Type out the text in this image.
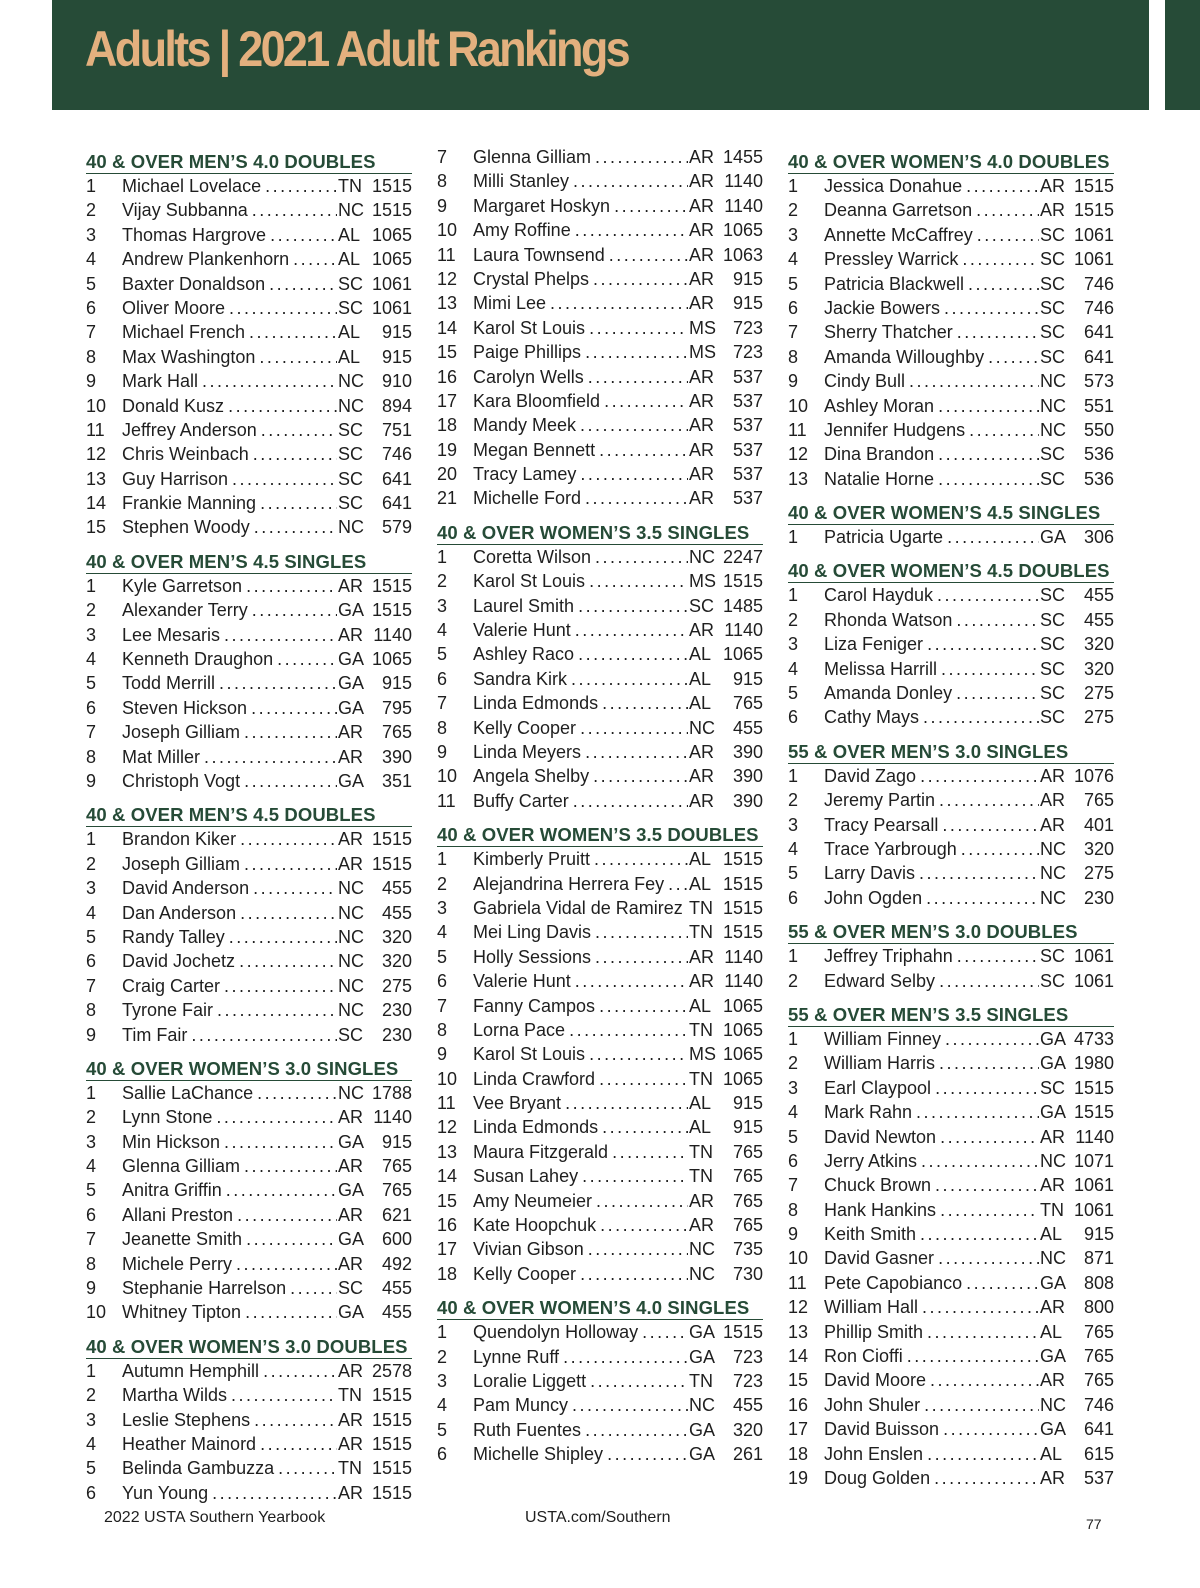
Adults | 2021 Adult Rankings
40 & OVER MEN’S 4.0 DOUBLES
1	Michael Lovelace .....	TN 1515
2	Vijay Subbanna .....	NC 1515
3	Thomas Hargrove .....	AL 1065
4	Andrew Plankenhorn .....	AL 1065
5	Baxter Donaldson .....	SC 1061
6	Oliver Moore .....	SC 1061
7	Michael French .....	AL	915
8	Max Washington .....	AL	915
9	Mark Hall .....	NC 910
10 Donald Kusz .....	NC 894
11 Jeffrey Anderson .....	SC	751
12 Chris Weinbach .....	SC	746
13 Guy Harrison .....	SC	641
14 Frankie Manning .....	SC	641
15 Stephen Woody .....	NC 579
40 & OVER MEN’S 4.5 SINGLES
1	Kyle Garretson .....	AR 1515
2	Alexander Terry .....	GA 1515
3	Lee Mesaris .....	AR 1140
4	Kenneth Draughon .....	GA 1065
5	Todd Merrill .....	GA 915
6	Steven Hickson .....	GA 795
7	Joseph Gilliam .....	AR	765
8	Mat Miller .....	AR	390
9	Christoph Vogt .....	GA 351
40 & OVER MEN’S 4.5 DOUBLES
1	Brandon Kiker .....	AR 1515
2	Joseph Gilliam .....	AR 1515
3	David Anderson .....	NC 455
4	Dan Anderson .....	NC 455
5	Randy Talley .....	NC 320
6	David Jochetz .....	NC 320
7	Craig Carter .....	NC 275
8	Tyrone Fair .....	NC 230
9	Tim Fair .....	SC	230
40 & OVER WOMEN’S 3.0 SINGLES
1	Sallie LaChance .....	NC 1788
2	Lynn Stone .....	AR 1140
3	Min Hickson .....	GA 915
4	Glenna Gilliam .....	AR	765
5	Anitra Griffin .....	GA 765
6	Allani Preston .....	AR	621
7	Jeanette Smith .....	GA 600
8	Michele Perry .....	AR	492
9	Stephanie Harrelson .....	SC	455
10 Whitney Tipton .....	GA 455
40 & OVER WOMEN’S 3.0 DOUBLES
1	Autumn Hemphill .....	AR 2578
2	Martha Wilds .....	TN 1515
3	Leslie Stephens .....	AR 1515
4	Heather Mainord .....	AR 1515
5	Belinda Gambuzza .....	TN 1515
6	Yun Young .....	AR 1515
7	Glenna Gilliam .....	AR 1455
8	Milli Stanley .....	AR 1140
9	Margaret Hoskyn .....	AR 1140
10 Amy Roffine .....	AR 1065
11 Laura Townsend .....	AR 1063
12 Crystal Phelps .....	AR	915
13 Mimi Lee .....	AR	915
14 Karol St Louis .....	MS 723
15 Paige Phillips .....	MS 723
16 Carolyn Wells .....	AR	537
17 Kara Bloomfield .....	AR	537
18 Mandy Meek .....	AR	537
19 Megan Bennett .....	AR	537
20 Tracy Lamey .....	AR	537
21 Michelle Ford .....	AR	537
40 & OVER WOMEN’S 3.5 SINGLES
1	Coretta Wilson .....	NC 2247
2	Karol St Louis .....	MS 1515
3	Laurel Smith .....	SC 1485
4	Valerie Hunt .....	AR 1140
5	Ashley Raco .....	AL 1065
6	Sandra Kirk .....	AL	915
7	Linda Edmonds .....	AL	765
8	Kelly Cooper .....	NC 455
9	Linda Meyers .....	AR	390
10 Angela Shelby .....	AR	390
11 Buffy Carter .....	AR	390
40 & OVER WOMEN’S 3.5 DOUBLES
1	Kimberly Pruitt .....	AL 1515
2	Alejandrina Herrera Fey ..... AL 1515
3	Gabriela Vidal de Ramirez ..... TN 1515
4	Mei Ling Davis .....	TN 1515
5	Holly Sessions .....	AR 1140
6	Valerie Hunt .....	AR 1140
7	Fanny Campos .....	AL 1065
8	Lorna Pace .....	TN 1065
9	Karol St Louis .....	MS 1065
10 Linda Crawford .....	TN 1065
11 Vee Bryant .....	AL	915
12 Linda Edmonds .....	AL	915
13 Maura Fitzgerald .....	TN	765
14 Susan Lahey .....	TN	765
15 Amy Neumeier .....	AR	765
16 Kate Hoopchuk .....	AR	765
17 Vivian Gibson .....	NC 735
18 Kelly Cooper .....	NC 730
40 & OVER WOMEN’S 4.0 SINGLES
1	Quendolyn Holloway .....	GA 1515
2	Lynne Ruff .....	GA 723
3	Loralie Liggett .....	TN	723
4	Pam Muncy .....	NC 455
5	Ruth Fuentes .....	GA 320
6	Michelle Shipley .....	GA 261
40 & OVER WOMEN’S 4.0 DOUBLES
1	Jessica Donahue .....	AR 1515
2	Deanna Garretson .....	AR 1515
3	Annette McCaffrey .....	SC 1061
4	Pressley Warrick .....	SC 1061
5	Patricia Blackwell .....	SC	746
6	Jackie Bowers .....	SC	746
7	Sherry Thatcher .....	SC	641
8	Amanda Willoughby .....	SC	641
9	Cindy Bull .....	NC 573
10 Ashley Moran .....	NC 551
11 Jennifer Hudgens .....	NC 550
12 Dina Brandon .....	SC	536
13 Natalie Horne .....	SC	536
40 & OVER WOMEN’S 4.5 SINGLES
1	Patricia Ugarte .....	GA 306
40 & OVER WOMEN’S 4.5 DOUBLES
1	Carol Hayduk .....	SC	455
2	Rhonda Watson .....	SC	455
3	Liza Feniger .....	SC	320
4	Melissa Harrill .....	SC	320
5	Amanda Donley .....	SC	275
6	Cathy Mays .....	SC	275
55 & OVER MEN’S 3.0 SINGLES
1	David Zago .....	AR 1076
2	Jeremy Partin .....	AR	765
3	Tracy Pearsall .....	AR	401
4	Trace Yarbrough .....	NC 320
5	Larry Davis .....	NC 275
6	John Ogden .....	NC 230
55 & OVER MEN’S 3.0 DOUBLES
1	Jeffrey Triphahn .....	SC 1061
2	Edward Selby .....	SC 1061
55 & OVER MEN’S 3.5 SINGLES
1	William Finney .....	GA 4733
2	William Harris .....	GA 1980
3	Earl Claypool .....	SC 1515
4	Mark Rahn .....	GA 1515
5	David Newton .....	AR 1140
6	Jerry Atkins .....	NC 1071
7	Chuck Brown .....	AR 1061
8	Hank Hankins .....	TN 1061
9	Keith Smith .....	AL	915
10 David Gasner .....	NC 871
11 Pete Capobianco .....	GA 808
12 William Hall .....	AR	800
13 Phillip Smith .....	AL	765
14 Ron Cioffi .....	GA 765
15 David Moore .....	AR	765
16 John Shuler .....	NC 746
17 David Buisson .....	GA 641
18 John Enslen .....	AL	615
19 Doug Golden .....	AR	537
2022 USTA Southern Yearbook	USTA.com/Southern	77
